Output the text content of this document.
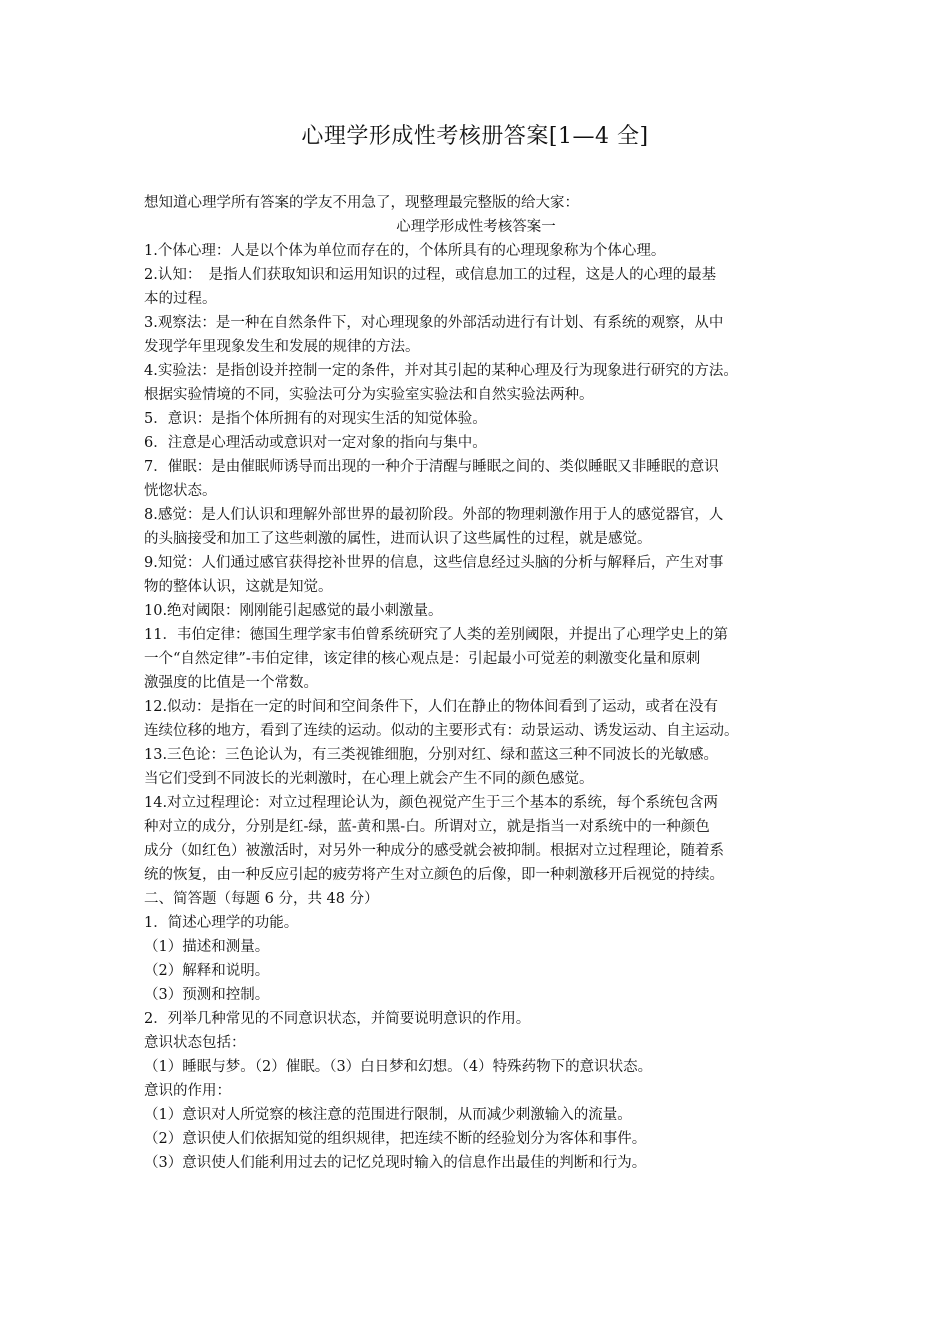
心理学形成性考核册答案[1—4 全]

想知道心理学所有答案的学友不用急了，现整理最完整版的给大家：

心理学形成性考核答案一

1.个体心理：人是以个体为单位而存在的，个体所具有的心理现象称为个体心理。

2.认知：　是指人们获取知识和运用知识的过程，或信息加工的过程，这是人的心理的最基

本的过程。

3.观察法：是一种在自然条件下，对心理现象的外部活动进行有计划、有系统的观察，从中

发现学年里现象发生和发展的规律的方法。

4.实验法：是指创设并控制一定的条件，并对其引起的某种心理及行为现象进行研究的方法。

根据实验情境的不同，实验法可分为实验室实验法和自然实验法两种。

5．意识：是指个体所拥有的对现实生活的知觉体验。

6．注意是心理活动或意识对一定对象的指向与集中。

7．催眠：是由催眠师诱导而出现的一种介于清醒与睡眠之间的、类似睡眠又非睡眠的意识

恍惚状态。

8.感觉：是人们认识和理解外部世界的最初阶段。外部的物理刺激作用于人的感觉器官，人

的头脑接受和加工了这些刺激的属性，进而认识了这些属性的过程，就是感觉。

9.知觉：人们通过感官获得挖补世界的信息，这些信息经过头脑的分析与解释后，产生对事

物的整体认识，这就是知觉。

10.绝对阈限：刚刚能引起感觉的最小刺激量。

11．韦伯定律：德国生理学家韦伯曾系统研究了人类的差别阈限，并提出了心理学史上的第

一个“自然定律”-韦伯定律，该定律的核心观点是：引起最小可觉差的刺激变化量和原刺

激强度的比值是一个常数。

12.似动：是指在一定的时间和空间条件下，人们在静止的物体间看到了运动，或者在没有

连续位移的地方，看到了连续的运动。似动的主要形式有：动景运动、诱发运动、自主运动。

13.三色论：三色论认为，有三类视锥细胞，分别对红、绿和蓝这三种不同波长的光敏感。

当它们受到不同波长的光刺激时，在心理上就会产生不同的颜色感觉。

14.对立过程理论：对立过程理论认为，颜色视觉产生于三个基本的系统，每个系统包含两

种对立的成分，分别是红-绿，蓝-黄和黑-白。所谓对立，就是指当一对系统中的一种颜色

成分（如红色）被激活时，对另外一种成分的感受就会被抑制。根据对立过程理论，随着系

统的恢复，由一种反应引起的疲劳将产生对立颜色的后像，即一种刺激移开后视觉的持续。

二、简答题（每题 6 分，共 48 分）

1．简述心理学的功能。

（1）描述和测量。

（2）解释和说明。

（3）预测和控制。

2．列举几种常见的不同意识状态，并简要说明意识的作用。

意识状态包括：

（1）睡眠与梦。（2）催眠。（3）白日梦和幻想。（4）特殊药物下的意识状态。

意识的作用：

（1）意识对人所觉察的核注意的范围进行限制，从而减少刺激输入的流量。

（2）意识使人们依据知觉的组织规律，把连续不断的经验划分为客体和事件。

（3）意识使人们能利用过去的记忆兑现时输入的信息作出最佳的判断和行为。
